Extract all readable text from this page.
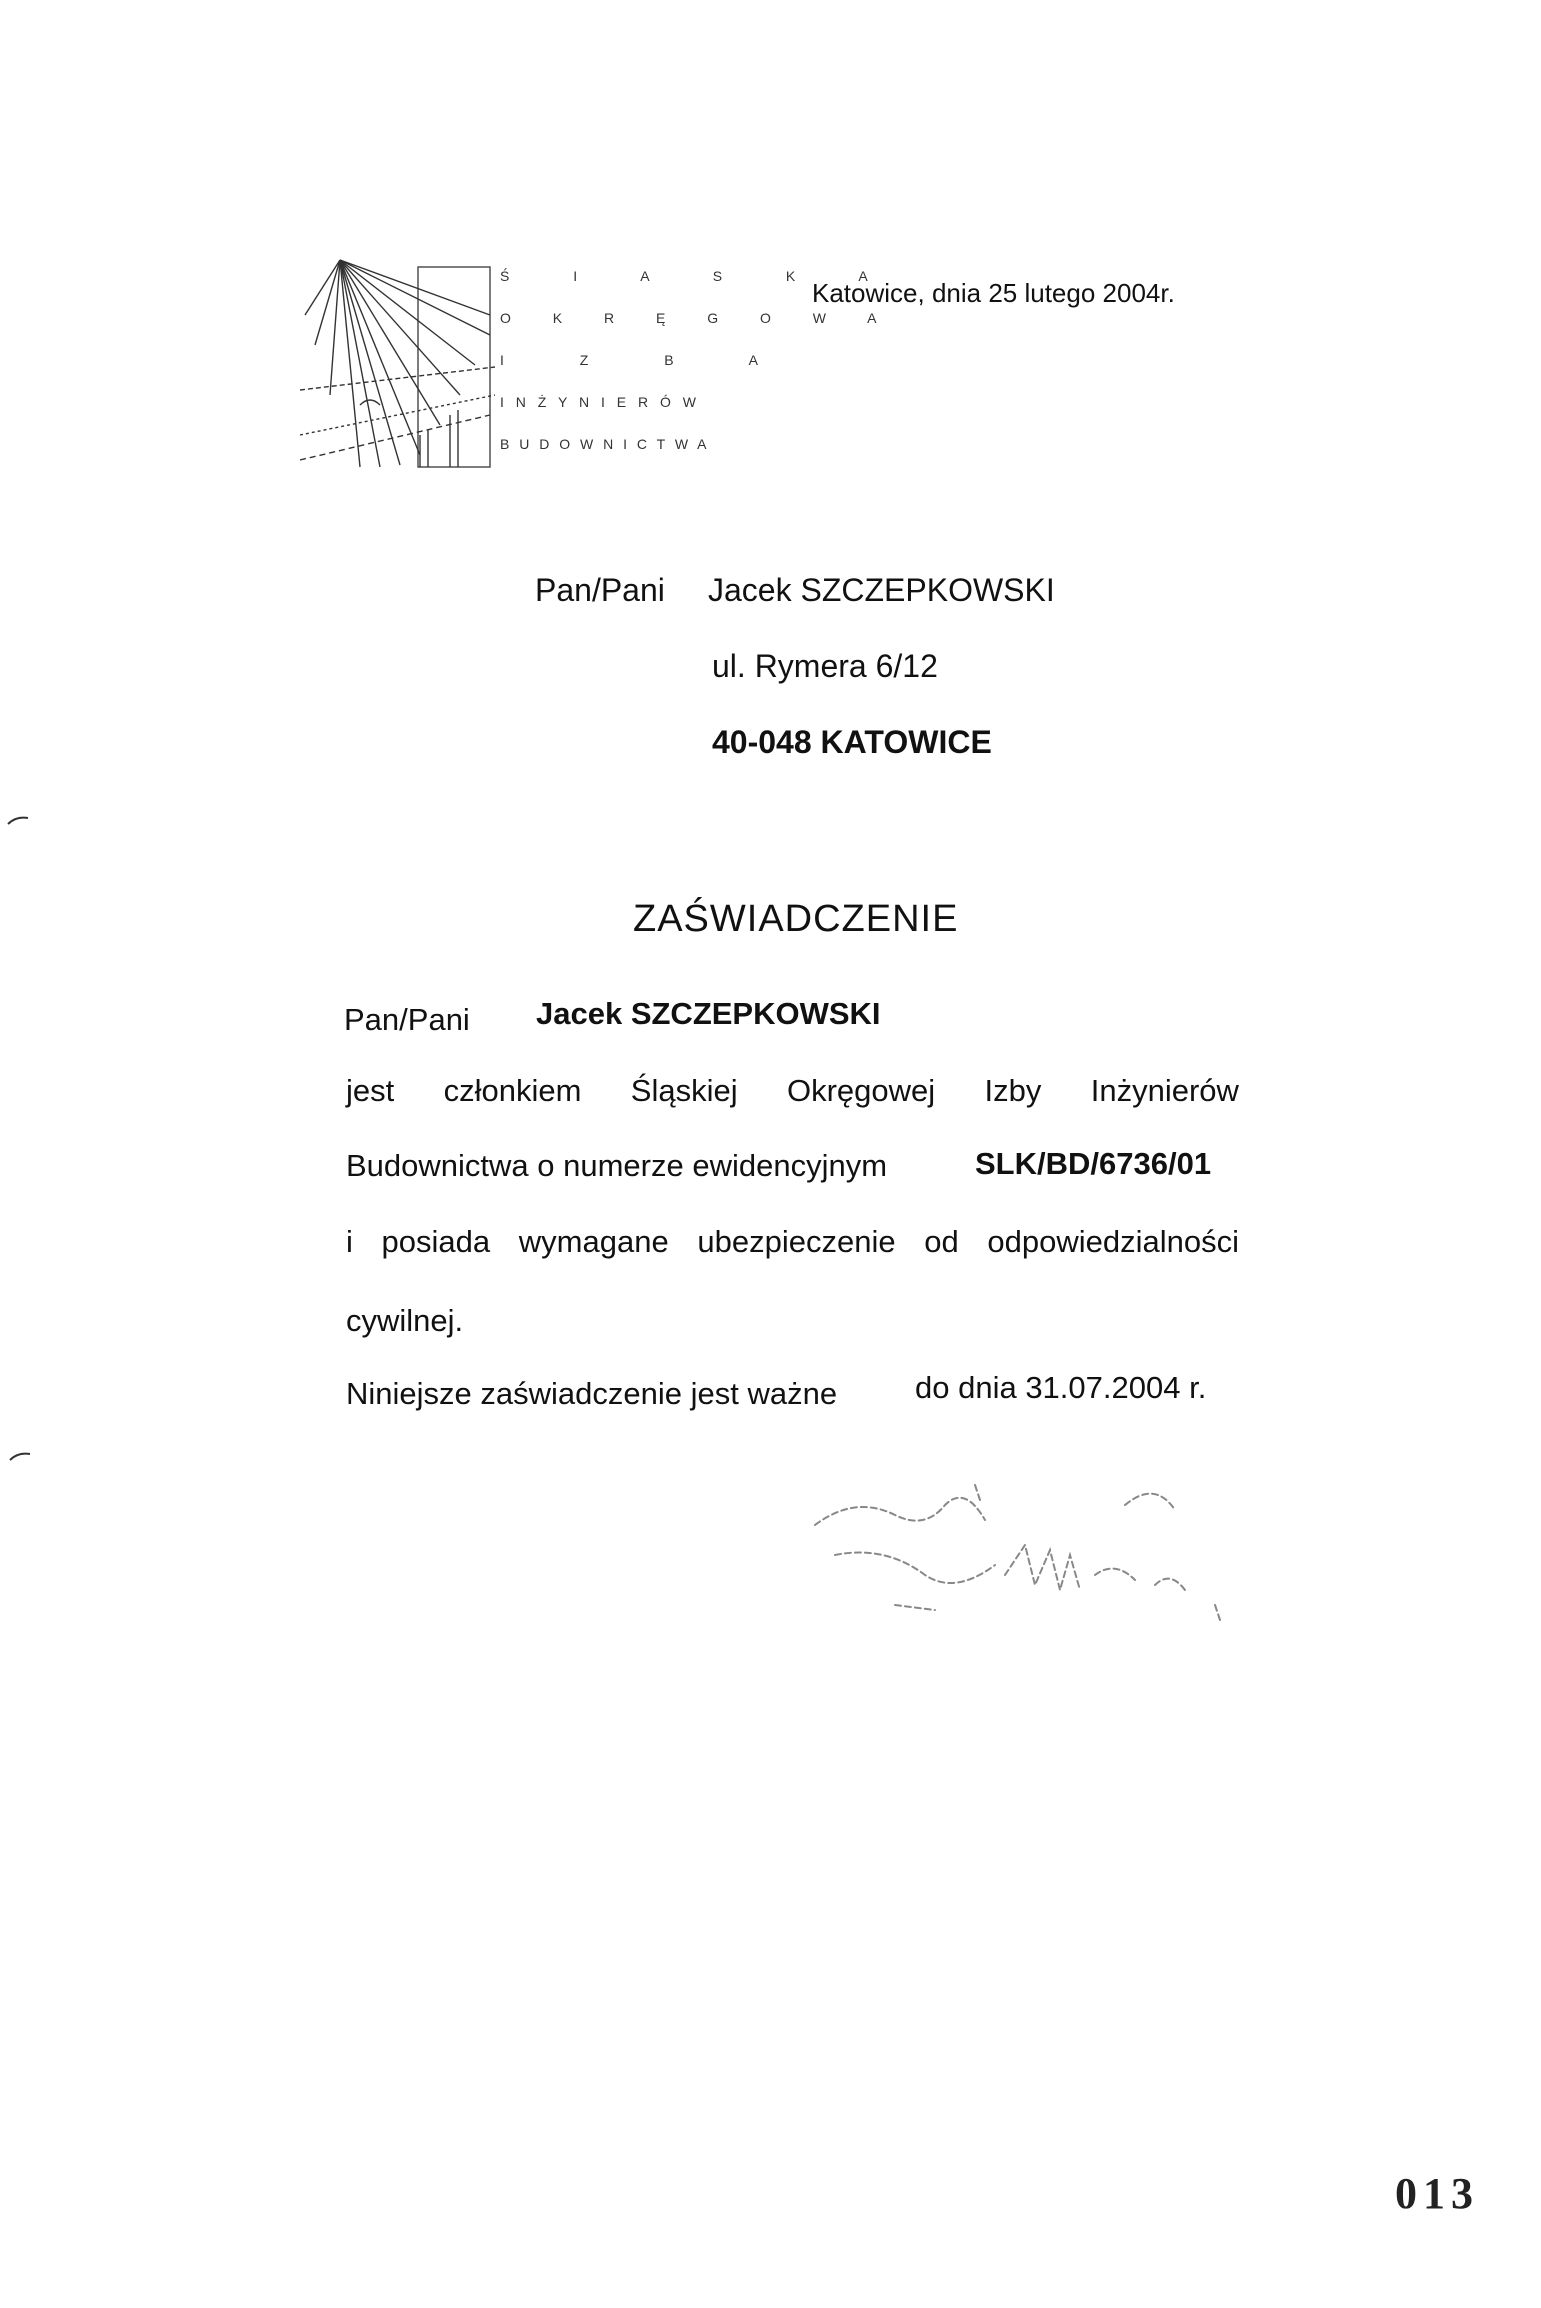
Ś I A S K A
O K R Ę G O W A
I Z B A
I N Ż Y N I E R Ó W
B U D O W N I C T W A
Katowice, dnia 25 lutego 2004r.
Pan/Pani Jacek SZCZEPKOWSKI
ul. Rymera 6/12
40-048 KATOWICE
ZAŚWIADCZENIE
Pan/Pani Jacek SZCZEPKOWSKI
jest członkiem Śląskiej Okręgowej Izby Inżynierów
Budownictwa o numerze ewidencyjnym	SLK/BD/6736/01
i posiada wymagane ubezpieczenie od odpowiedzialności
cywilnej.
Niniejsze zaświadczenie jest ważne	do dnia 31.07.2004 r.
013
